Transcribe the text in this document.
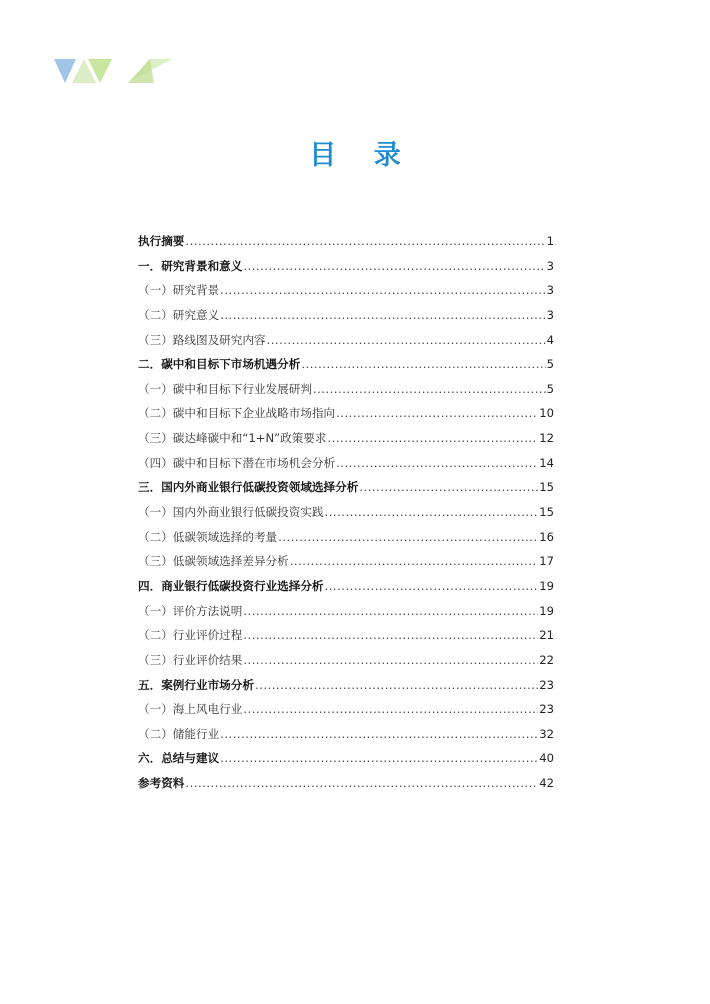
目 录
执行摘要 .....	1
一．研究背景和意义 .....	3
（一）研究背景 .....	3
（二）研究意义 .....	3
（三）路线图及研究内容 .....	4
二．碳中和目标下市场机遇分析 .....	5
（一）碳中和目标下行业发展研判 .....	5
（二）碳中和目标下企业战略市场指向 .....	10
（三）碳达峰碳中和“1+N”政策要求 .....	12
（四）碳中和目标下潜在市场机会分析 .....	14
三．国内外商业银行低碳投资领域选择分析 .....	15
（一）国内外商业银行低碳投资实践 .....	15
（二）低碳领域选择的考量 .....	16
（三）低碳领域选择差异分析 .....	17
四．商业银行低碳投资行业选择分析 .....	19
（一）评价方法说明 .....	19
（二）行业评价过程 .....	21
（三）行业评价结果 .....	22
五．案例行业市场分析 .....	23
（一）海上风电行业 .....	23
（二）储能行业 .....	32
六．总结与建议 .....	40
参考资料 .....	42
